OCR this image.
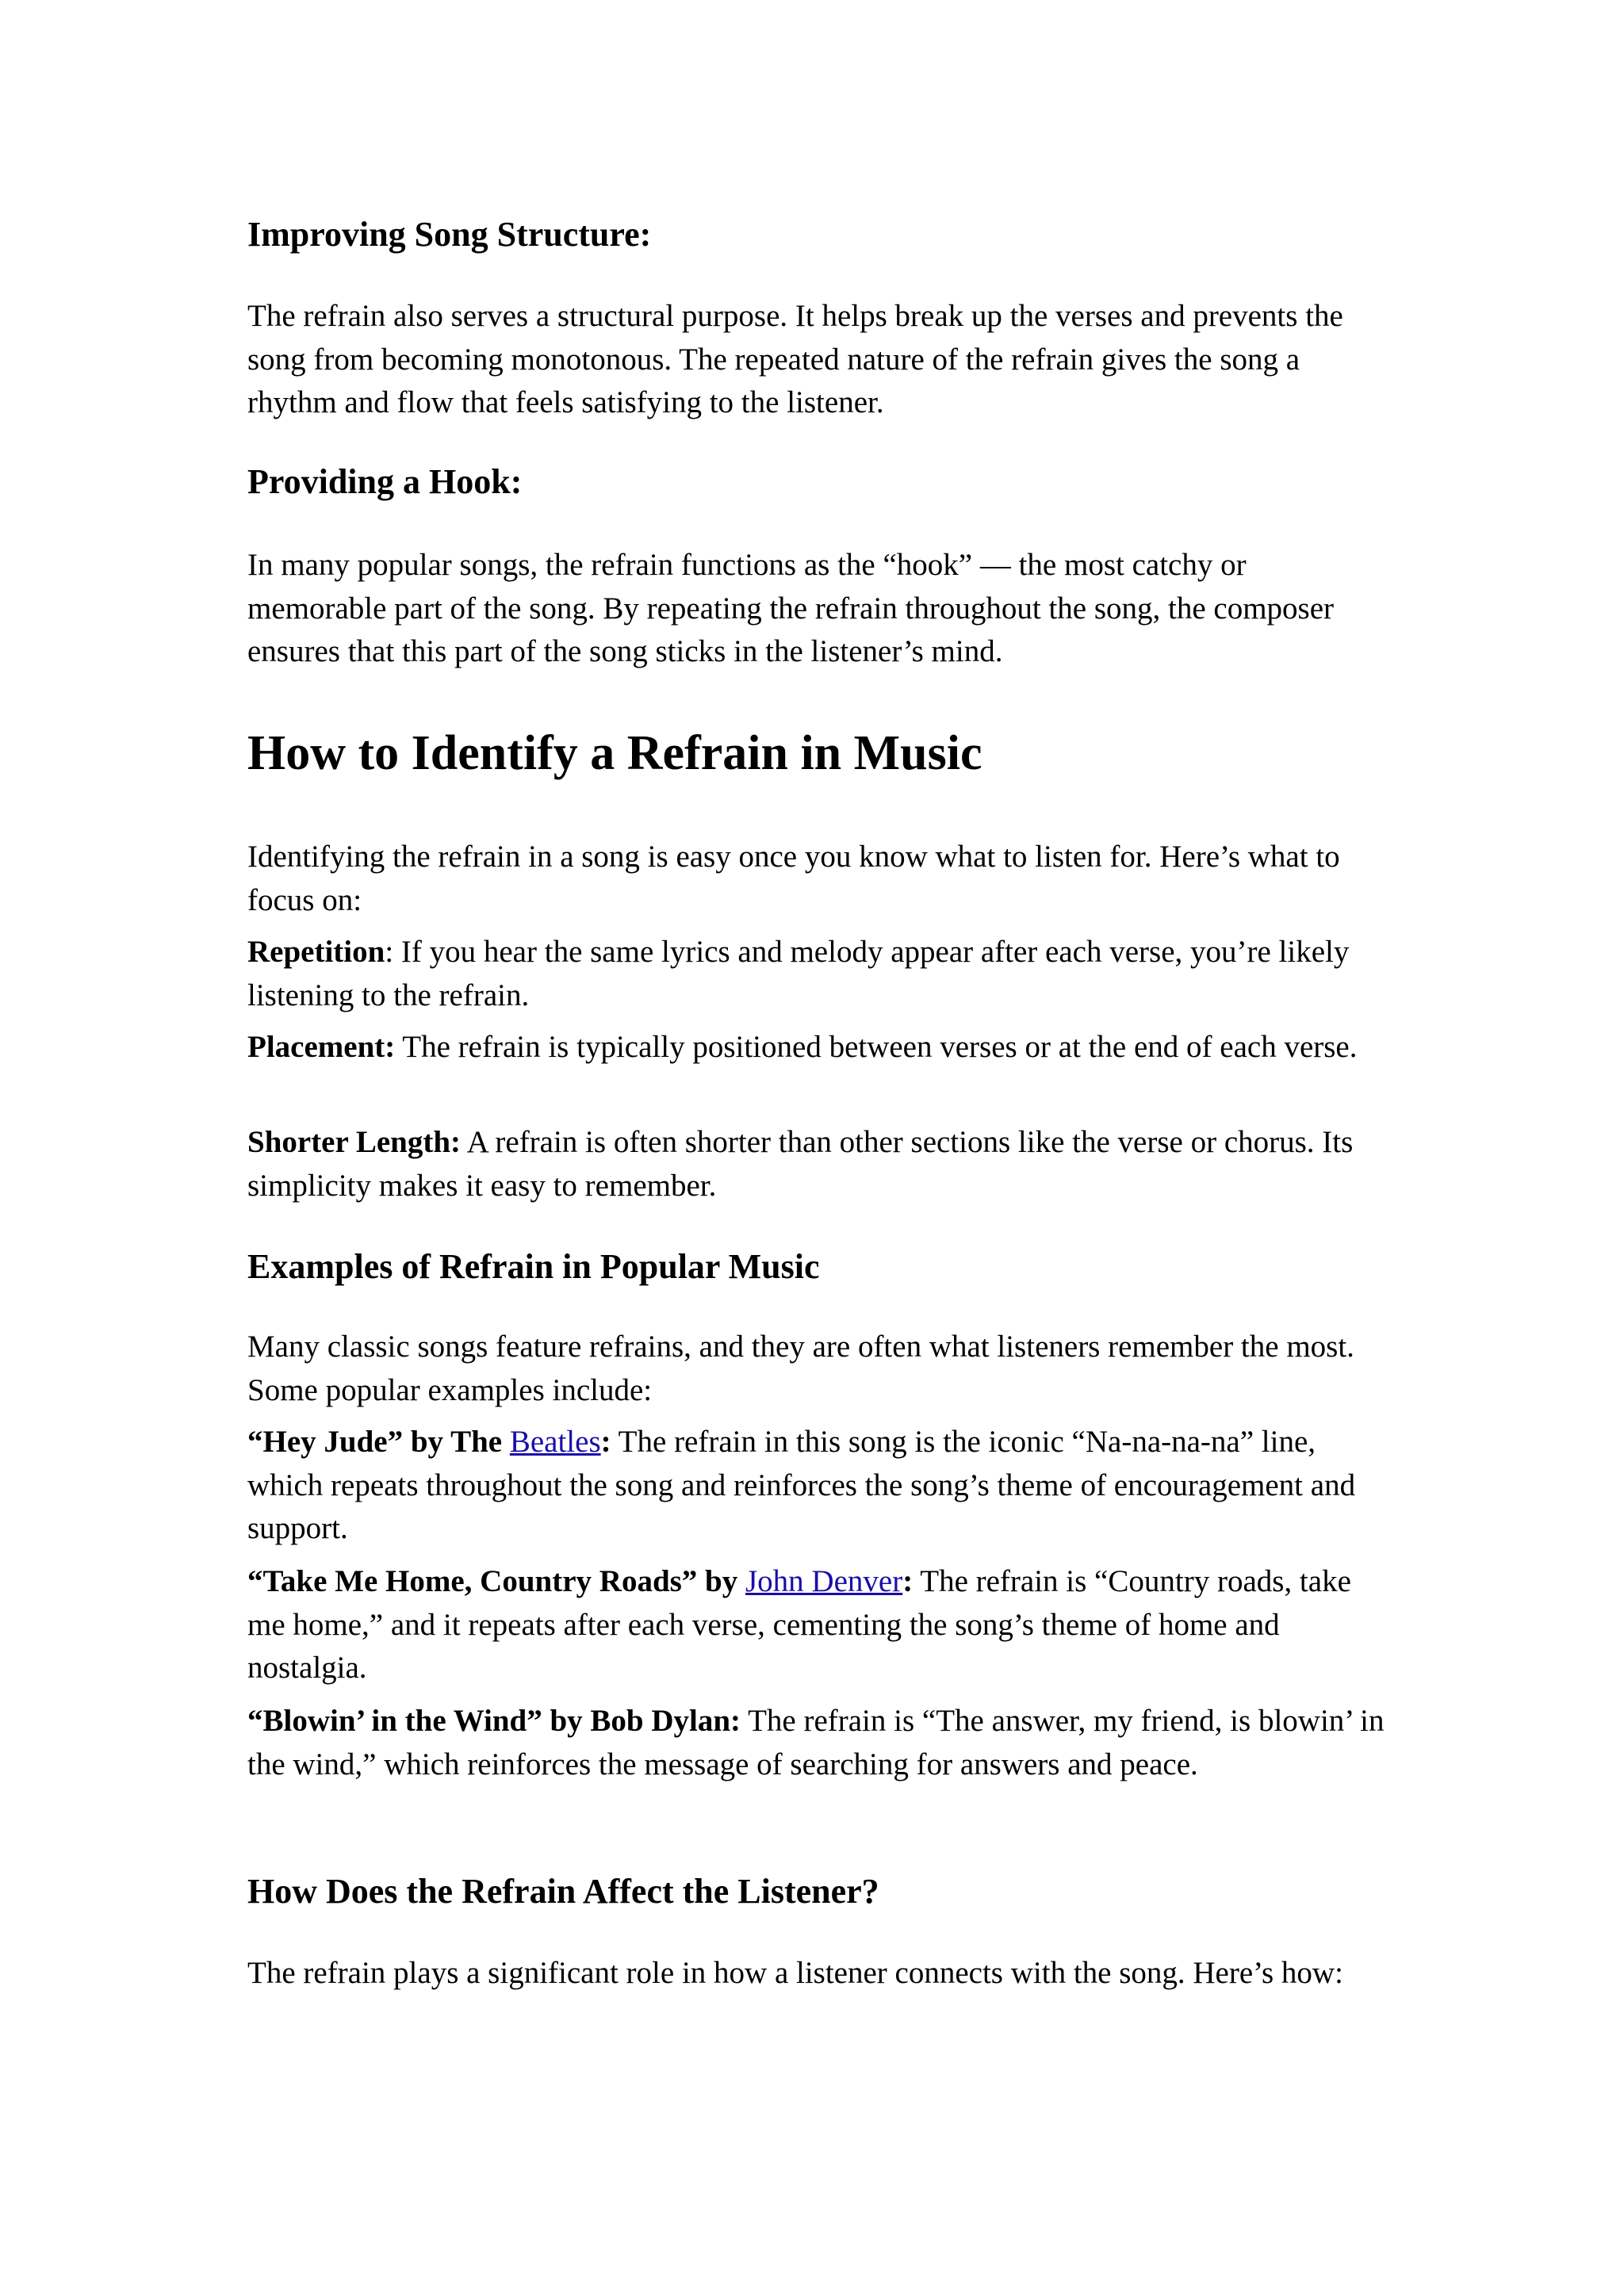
Improving Song Structure:

The refrain also serves a structural purpose. It helps break up the verses and prevents the song from becoming monotonous. The repeated nature of the refrain gives the song a rhythm and flow that feels satisfying to the listener.

Providing a Hook:

In many popular songs, the refrain functions as the “hook” — the most catchy or memorable part of the song. By repeating the refrain throughout the song, the composer ensures that this part of the song sticks in the listener’s mind.

How to Identify a Refrain in Music

Identifying the refrain in a song is easy once you know what to listen for. Here’s what to focus on:

Repetition: If you hear the same lyrics and melody appear after each verse, you’re likely listening to the refrain.

Placement: The refrain is typically positioned between verses or at the end of each verse.

Shorter Length: A refrain is often shorter than other sections like the verse or chorus. Its simplicity makes it easy to remember.

Examples of Refrain in Popular Music

Many classic songs feature refrains, and they are often what listeners remember the most. Some popular examples include:

“Hey Jude” by The Beatles: The refrain in this song is the iconic “Na-na-na-na” line, which repeats throughout the song and reinforces the song’s theme of encouragement and support.

“Take Me Home, Country Roads” by John Denver: The refrain is “Country roads, take me home,” and it repeats after each verse, cementing the song’s theme of home and nostalgia.

“Blowin’ in the Wind” by Bob Dylan: The refrain is “The answer, my friend, is blowin’ in the wind,” which reinforces the message of searching for answers and peace.

How Does the Refrain Affect the Listener?

The refrain plays a significant role in how a listener connects with the song. Here’s how:
